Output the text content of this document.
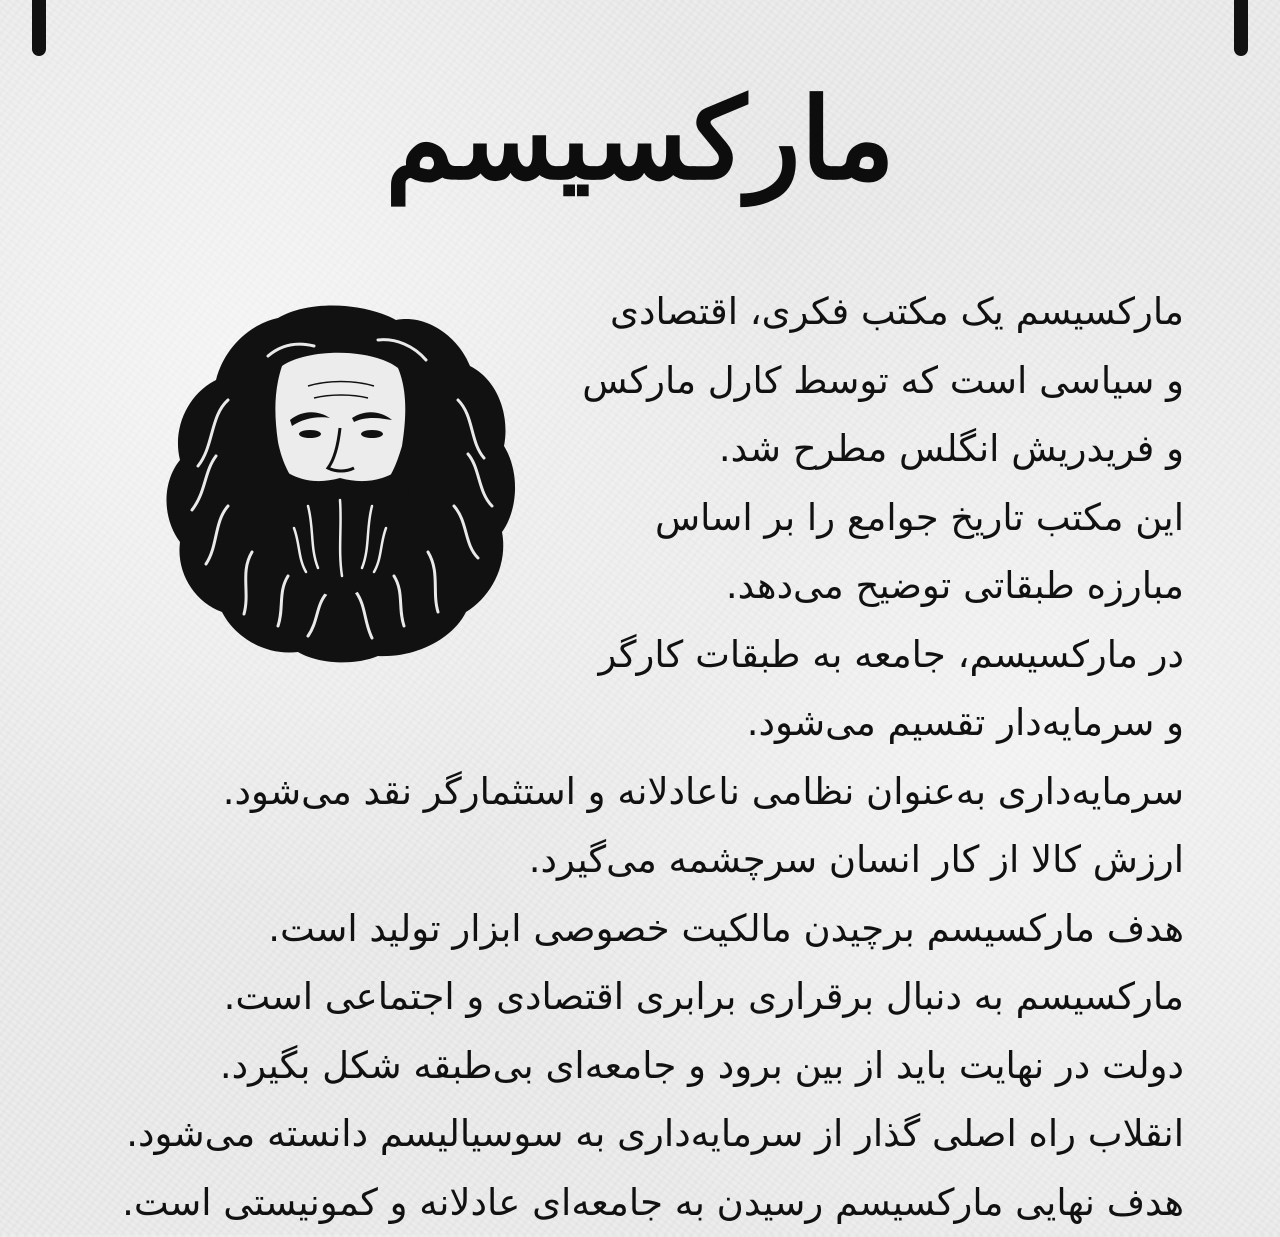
مارکسیسم
مارکسیسم یک مکتب فکری، اقتصادی
و سیاسی است که توسط کارل مارکس
و فریدریش انگلس مطرح شد.
این مکتب تاریخ جوامع را بر اساس
مبارزه طبقاتی توضیح می‌دهد.
در مارکسیسم، جامعه به طبقات کارگر
و سرمایه‌دار تقسیم می‌شود.
سرمایه‌داری به‌عنوان نظامی ناعادلانه و استثمارگر نقد می‌شود.
ارزش کالا از کار انسان سرچشمه می‌گیرد.
هدف مارکسیسم برچیدن مالکیت خصوصی ابزار تولید است.
مارکسیسم به دنبال برقراری برابری اقتصادی و اجتماعی است.
دولت در نهایت باید از بین برود و جامعه‌ای بی‌طبقه شکل بگیرد.
انقلاب راه اصلی گذار از سرمایه‌داری به سوسیالیسم دانسته می‌شود.
هدف نهایی مارکسیسم رسیدن به جامعه‌ای عادلانه و کمونیستی است.
